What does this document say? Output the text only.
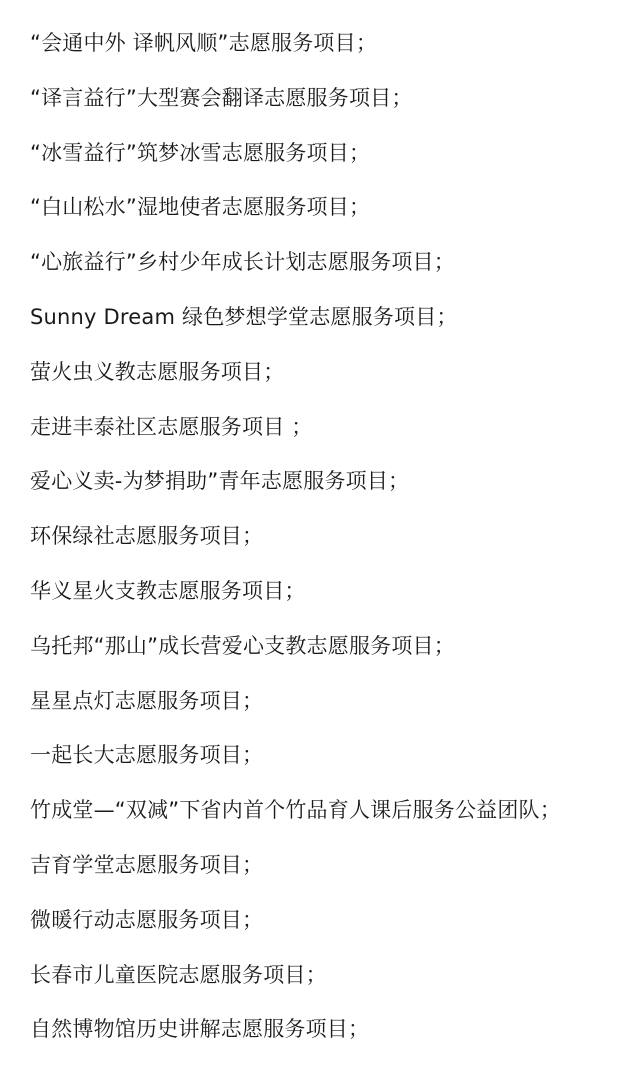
“会通中外 译帆风顺”志愿服务项目；
“译言益行”大型赛会翻译志愿服务项目；
“冰雪益行”筑梦冰雪志愿服务项目；
“白山松水”湿地使者志愿服务项目；
“心旅益行”乡村少年成长计划志愿服务项目；
Sunny Dream 绿色梦想学堂志愿服务项目；
萤火虫义教志愿服务项目；
走进丰泰社区志愿服务项目 ；
爱心义卖-为梦捐助”青年志愿服务项目；
环保绿社志愿服务项目；
华义星火支教志愿服务项目；
乌托邦“那山”成长营爱心支教志愿服务项目；
星星点灯志愿服务项目；
一起长大志愿服务项目；
竹成堂—“双减”下省内首个竹品育人课后服务公益团队；
吉育学堂志愿服务项目；
微暖行动志愿服务项目；
长春市儿童医院志愿服务项目；
自然博物馆历史讲解志愿服务项目；
